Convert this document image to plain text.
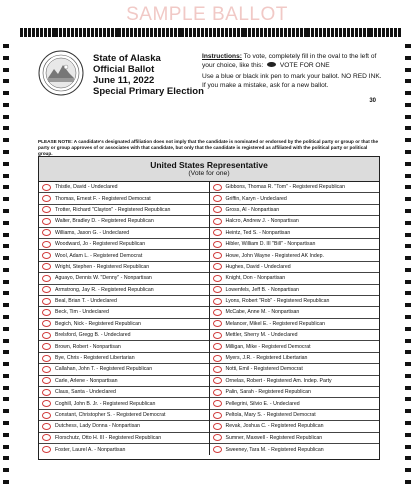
SAMPLE BALLOT
State of Alaska
Official Ballot
June 11, 2022
Special Primary Election
Instructions: To vote, completely fill in the oval to the left of your choice, like this:  VOTE FOR ONE
Use a blue or black ink pen to mark your ballot. NO RED INK. If you make a mistake, ask for a new ballot.
30
PLEASE NOTE: A candidate's designated affiliation does not imply that the candidate is nominated or endorsed by the political party or group or that the party or group approves of or associates with that candidate, but only that the candidate is registered as affiliated with the political party or political group.
United States Representative
(Vote for one)
Thistle, David - Undeclared
Thomas, Ernest F. - Registered Democrat
Trotter, Richard "Clayton" - Registered Republican
Walter, Bradley D. - Registered Republican
Williams, Jason G. - Undeclared
Woodward, Jo - Registered Republican
Wool, Adam L. - Registered Democrat
Wright, Stephen - Registered Republican
Aguayo, Dennis W. "Denny" - Nonpartisan
Armstrong, Jay R. - Registered Republican
Beal, Brian T. - Undeclared
Beck, Tim - Undeclared
Begich, Nick - Registered Republican
Brelsford, Gregg B. - Undeclared
Brown, Robert - Nonpartisan
Bye, Chris - Registered Libertarian
Callahan, John T. - Registered Republican
Carle, Arlene - Nonpartisan
Claus, Santa - Undeclared
Coghill, John B. Jr. - Registered Republican
Constant, Christopher S. - Registered Democrat
Dutchess, Lady Donna - Nonpartisan
Florschutz, Otto H. III - Registered Republican
Foster, Laurel A. - Nonpartisan
Gibbons, Thomas R. "Tom" - Registered Republican
Griffin, Karyn - Undeclared
Gross, Al - Nonpartisan
Halcro, Andrew J. - Nonpartisan
Heintz, Ted S. - Nonpartisan
Hibler, William D. III "Bill" - Nonpartisan
Howe, John Wayne - Registered AK Indep.
Hughes, David - Undeclared
Knight, Don - Nonpartisan
Lowenfels, Jeff B. - Nonpartisan
Lyons, Robert "Rob" - Registered Republican
McCabe, Anne M. - Nonpartisan
Melancer, Mikel E. - Registered Republican
Mettler, Sherry M. - Undeclared
Milligan, Mike - Registered Democrat
Myers, J.R. - Registered Libertarian
Notti, Emil - Registered Democrat
Ornelas, Robert - Registered Am. Indep. Party
Palin, Sarah - Registered Republican
Pellegrini, Silvio E. - Undeclared
Peltola, Mary S. - Registered Democrat
Revak, Joshua C. - Registered Republican
Sumner, Maxwell - Registered Republican
Sweeney, Tara M. - Registered Republican
